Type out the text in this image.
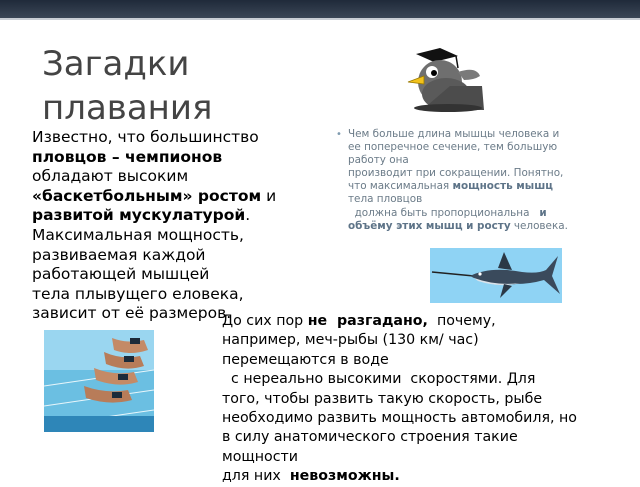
Загадки
плавания
Известно, что большинство
пловцов – чемпионов
обладают высоким
«баскетбольным» ростом и
развитой мускулатурой.
Максимальная мощность,
развиваемая каждой
работающей мышцей
тела плывущего еловека,
зависит от её размеров.
• Чем больше длина мышцы человека и
ее поперечное сечение, тем большую
работу она
производит при сокращении. Понятно,
что максимальная мощность мышц
тела пловцов
должна быть пропорциональна   и
объёму этих мышц и росту человека.
До сих пор не  разгадано,  почему,
например, меч-рыбы (130 км/ час)
перемещаются в воде
с нереально высокими  скоростями. Для
того, чтобы развить такую скорость, рыбе
необходимо развить мощность автомобиля, но
в силу анатомического строения такие
мощности
для них  невозможны.
